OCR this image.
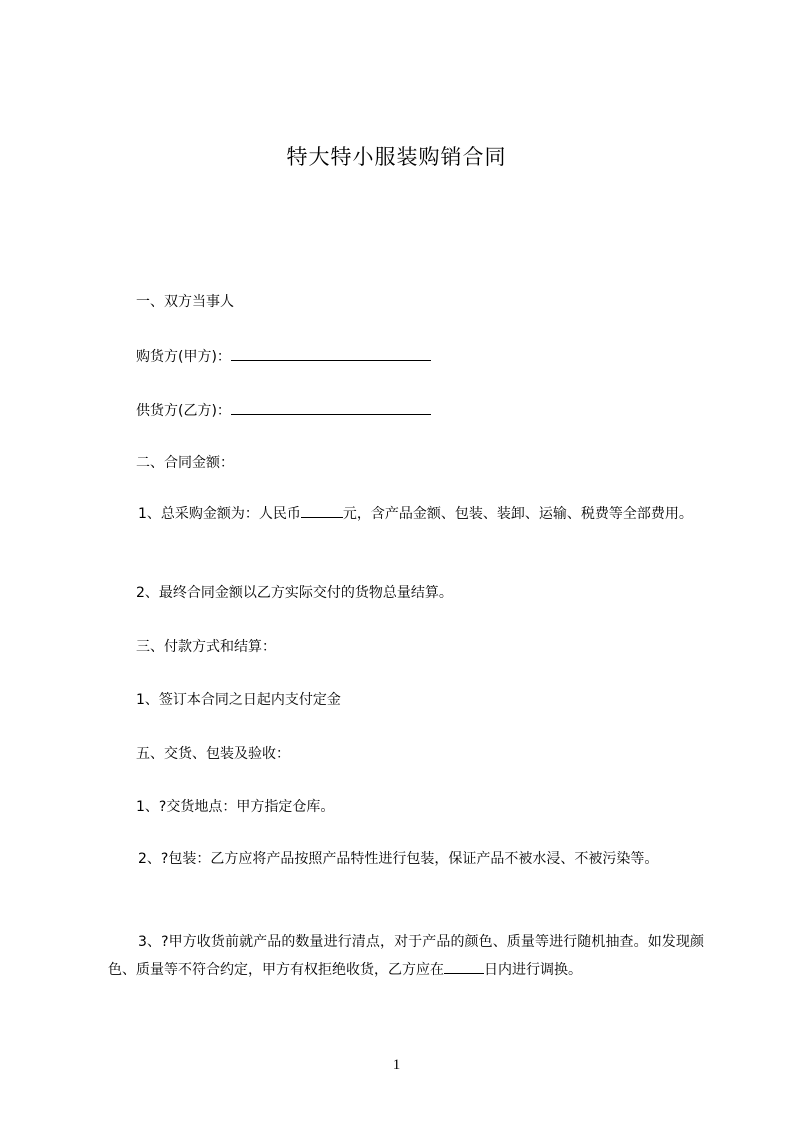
特大特小服装购销合同
一、双方当事人
购货方(甲方)：
供货方(乙方)：
二、合同金额：
1、总采购金额为：人民币	元，含产品金额、包装、装卸、运输、税费等全部费用。
2、最终合同金额以乙方实际交付的货物总量结算。
三、付款方式和结算：
1、签订本合同之日起内支付定金
五、交货、包装及验收：
1、?交货地点：甲方指定仓库。
2、?包装：乙方应将产品按照产品特性进行包装，保证产品不被水浸、不被污染等。
3、?甲方收货前就产品的数量进行清点，对于产品的颜色、质量等进行随机抽查。如发现颜色、质量等不符合约定，甲方有权拒绝收货，乙方应在	日内进行调换。
1
